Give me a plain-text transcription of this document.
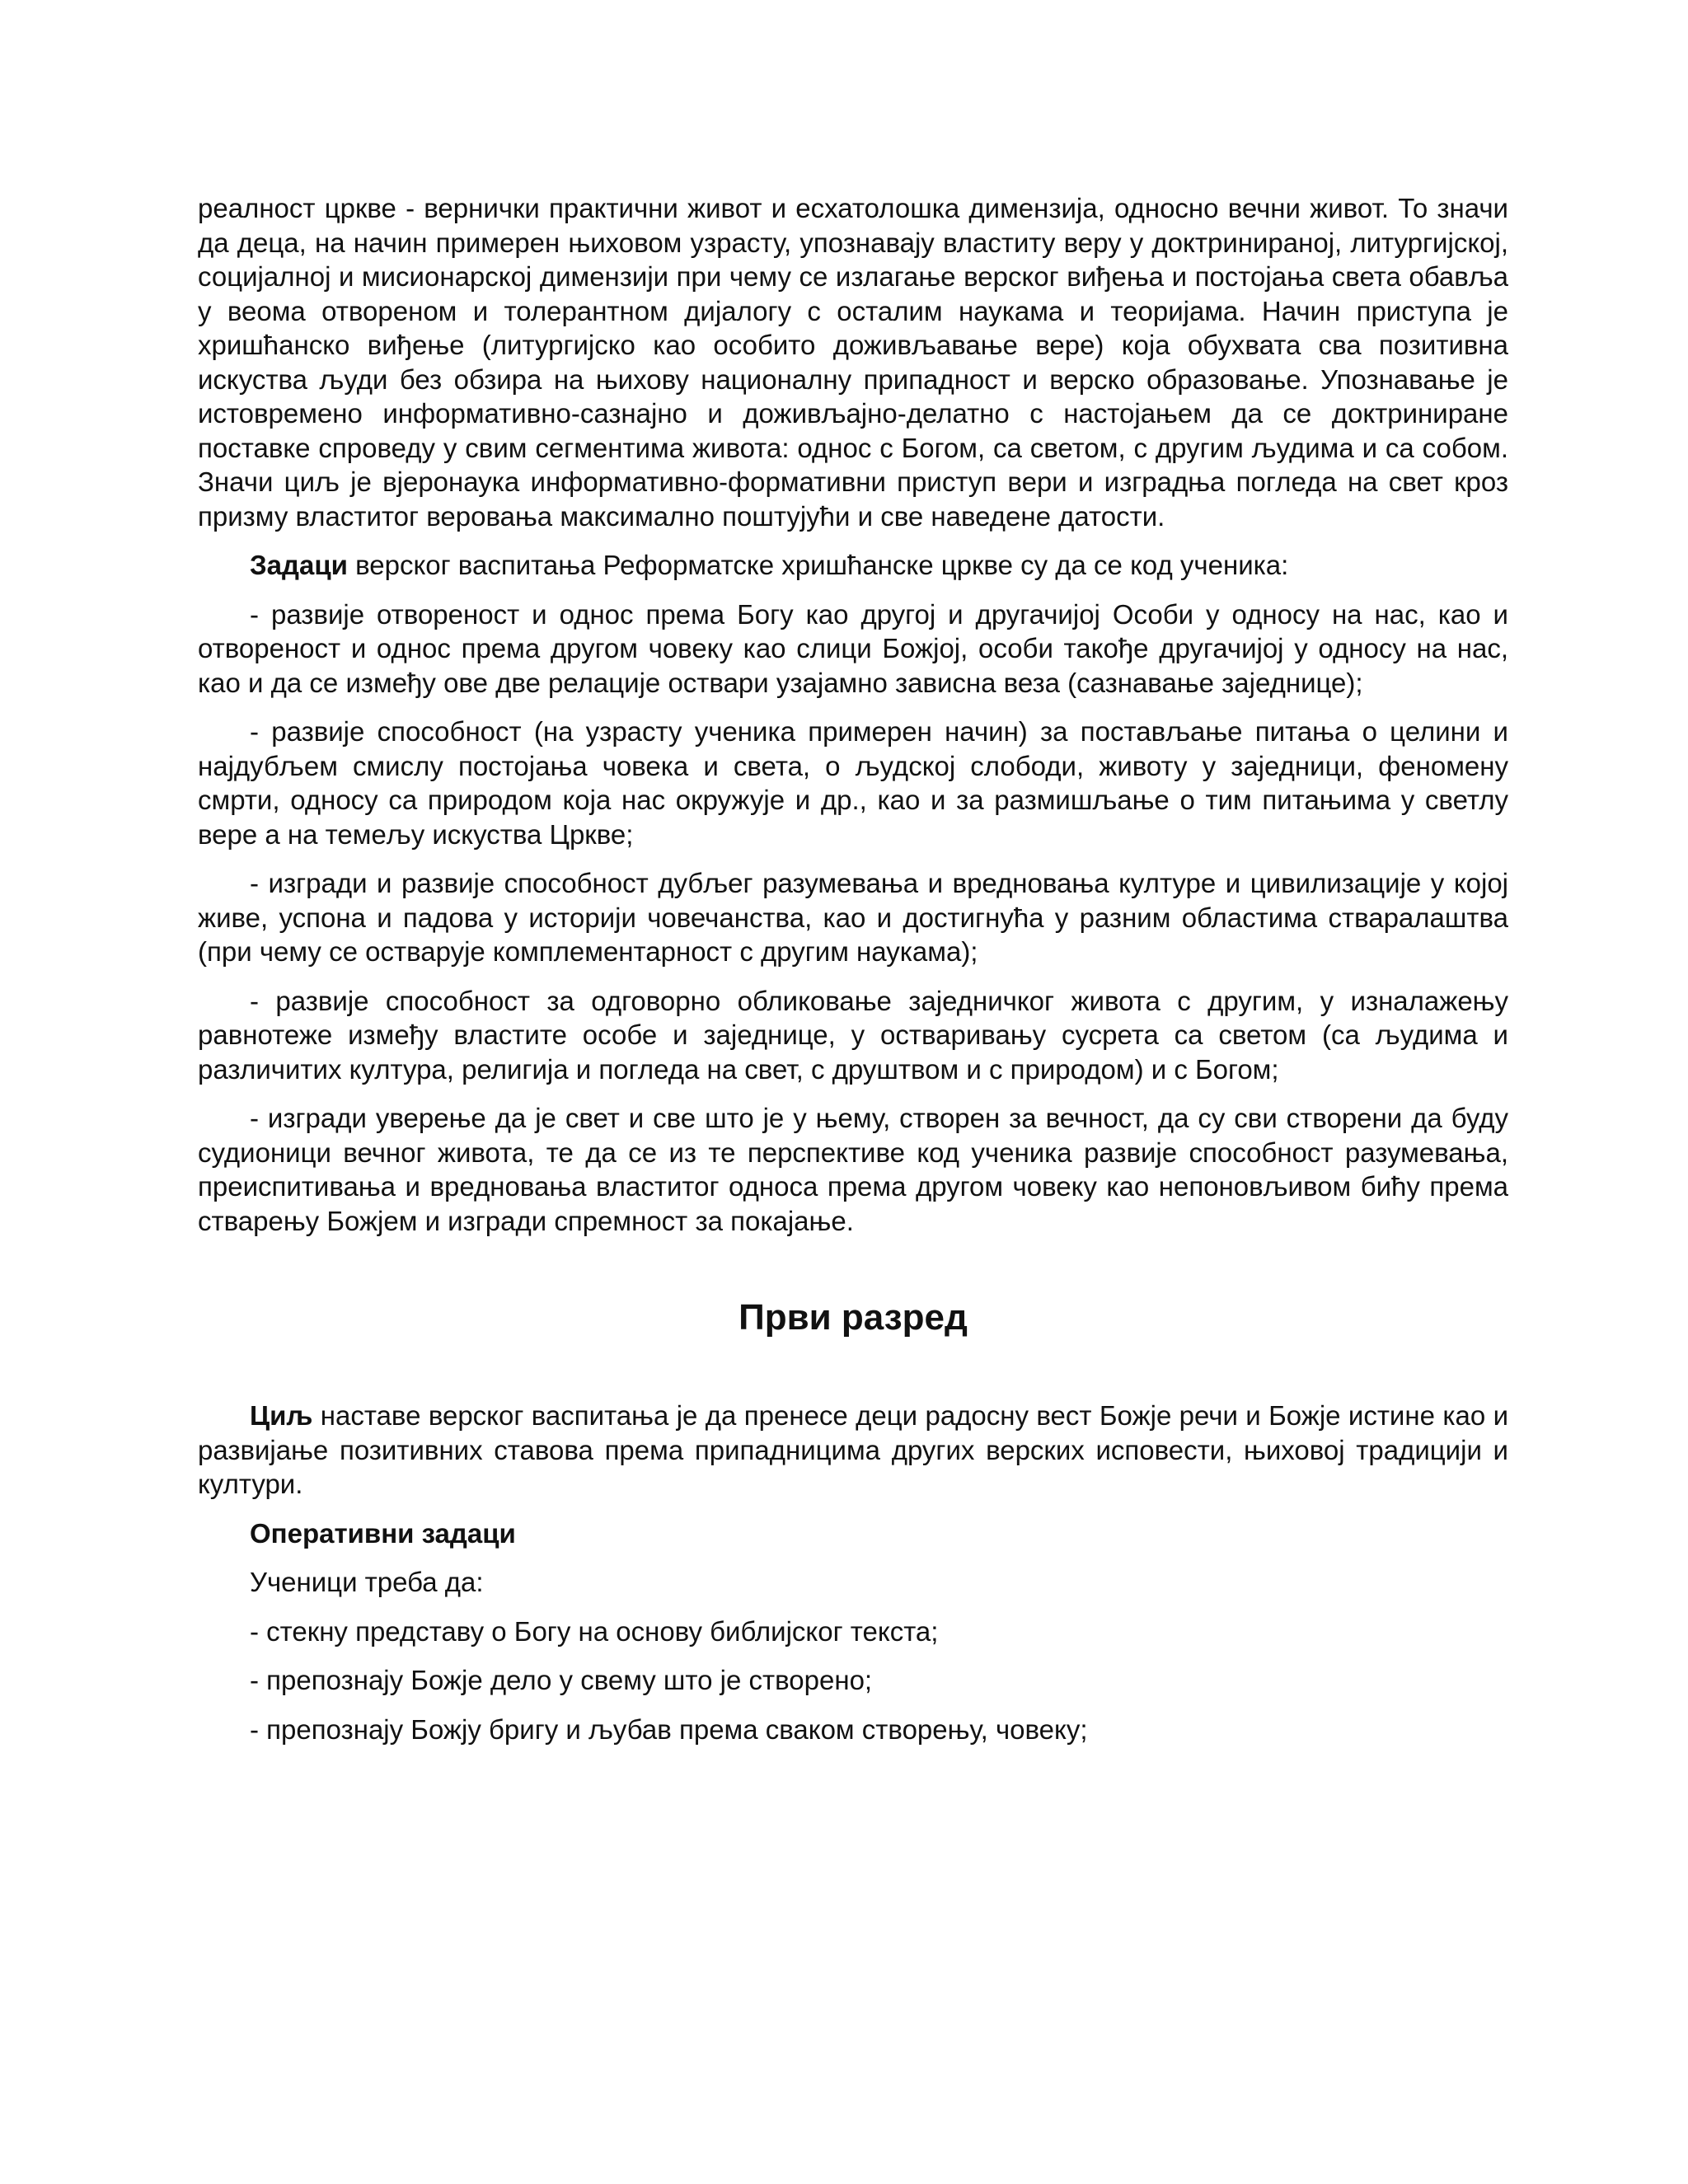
реалност цркве - вернички практични живот и есхатолошка димензија, односно вечни живот. То значи да деца, на начин примерен њиховом узрасту, упознавају властиту веру у доктринираној, литургијској, социјалној и мисионарској димензији при чему се излагање верског виђења и постојања света обавља у веома отвореном и толерантном дијалогу с осталим наукама и теоријама. Начин приступа је хришћанско виђење (литургијско као особито доживљавање вере) која обухвата сва позитивна искуства људи без обзира на њихову националну припадност и верско образовање. Упознавање је истовремено информативно-сазнајно и доживљајно-делатно с настојањем да се доктриниране поставке спроведу у свим сегментима живота: однос с Богом, са светом, с другим људима и са собом. Значи циљ је вјеронаука информативно-формативни приступ вери и изградња погледа на свет кроз призму властитог веровања максимално поштујући и све наведене датости.

Задаци верског васпитања Реформатске хришћанске цркве су да се код ученика:

- развије отвореност и однос према Богу као другој и другачијој Особи у односу на нас, као и отвореност и однос према другом човеку као слици Божјој, особи такође другачијој у односу на нас, као и да се између ове две релације оствари узајамно зависна веза (сазнавање заједнице);

- развије способност (на узрасту ученика примерен начин) за постављање питања о целини и најдубљем смислу постојања човека и света, о људској слободи, животу у заједници, феномену смрти, односу са природом која нас окружује и др., као и за размишљање о тим питањима у светлу вере а на темељу искуства Цркве;

- изгради и развије способност дубљег разумевања и вредновања културе и цивилизације у којој живе, успона и падова у историји човечанства, као и достигнућа у разним областима стваралаштва (при чему се остварује комплементарност с другим наукама);

- развије способност за одговорно обликовање заједничког живота с другим, у изналажењу равнотеже између властите особе и заједнице, у остваривању сусрета са светом (са људима и различитих култура, религија и погледа на свет, с друштвом и с природом) и с Богом;

- изгради уверење да је свет и све што је у њему, створен за вечност, да су сви створени да буду судионици вечног живота, те да се из те перспективе код ученика развије способност разумевања, преиспитивања и вредновања властитог односа према другом човеку као непоновљивом бићу према стварењу Божјем и изгради спремност за покајање.

Први разред

Циљ наставе верског васпитања је да пренесе деци радосну вест Божје речи и Божје истине као и развијање позитивних ставова према припадницима других верских исповести, њиховој традицији и култури.

Оперативни задаци

Ученици треба да:

- стекну представу о Богу на основу библијског текста;

- препознају Божје дело у свему што је створено;

- препознају Божју бригу и љубав према сваком створењу, човеку;
